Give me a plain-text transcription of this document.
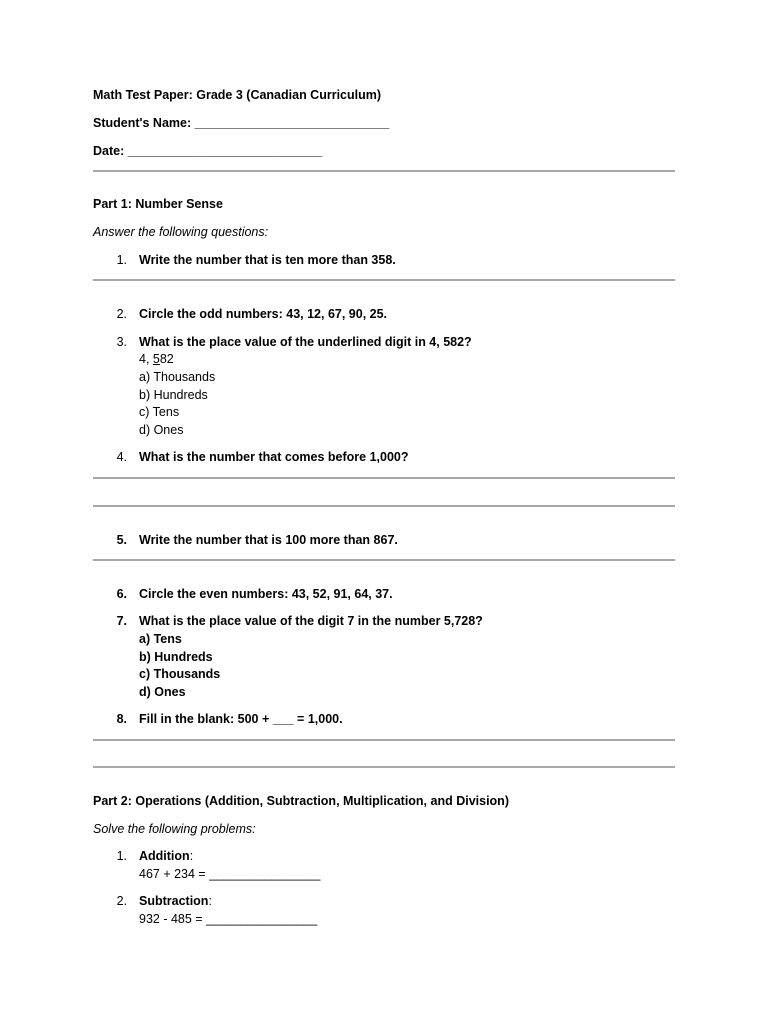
Math Test Paper: Grade 3 (Canadian Curriculum)
Student's Name: ____________________________
Date: ____________________________
Part 1: Number Sense
Answer the following questions:
1. Write the number that is ten more than 358.
2. Circle the odd numbers: 43, 12, 67, 90, 25.
3. What is the place value of the underlined digit in 4, 582?
4, 582
a) Thousands
b) Hundreds
c) Tens
d) Ones
4. What is the number that comes before 1,000?
5. Write the number that is 100 more than 867.
6. Circle the even numbers: 43, 52, 91, 64, 37.
7. What is the place value of the digit 7 in the number 5,728?
a) Tens
b) Hundreds
c) Thousands
d) Ones
8. Fill in the blank: 500 + ___ = 1,000.
Part 2: Operations (Addition, Subtraction, Multiplication, and Division)
Solve the following problems:
1. Addition:
467 + 234 = ________________
2. Subtraction:
932 - 485 = ________________
